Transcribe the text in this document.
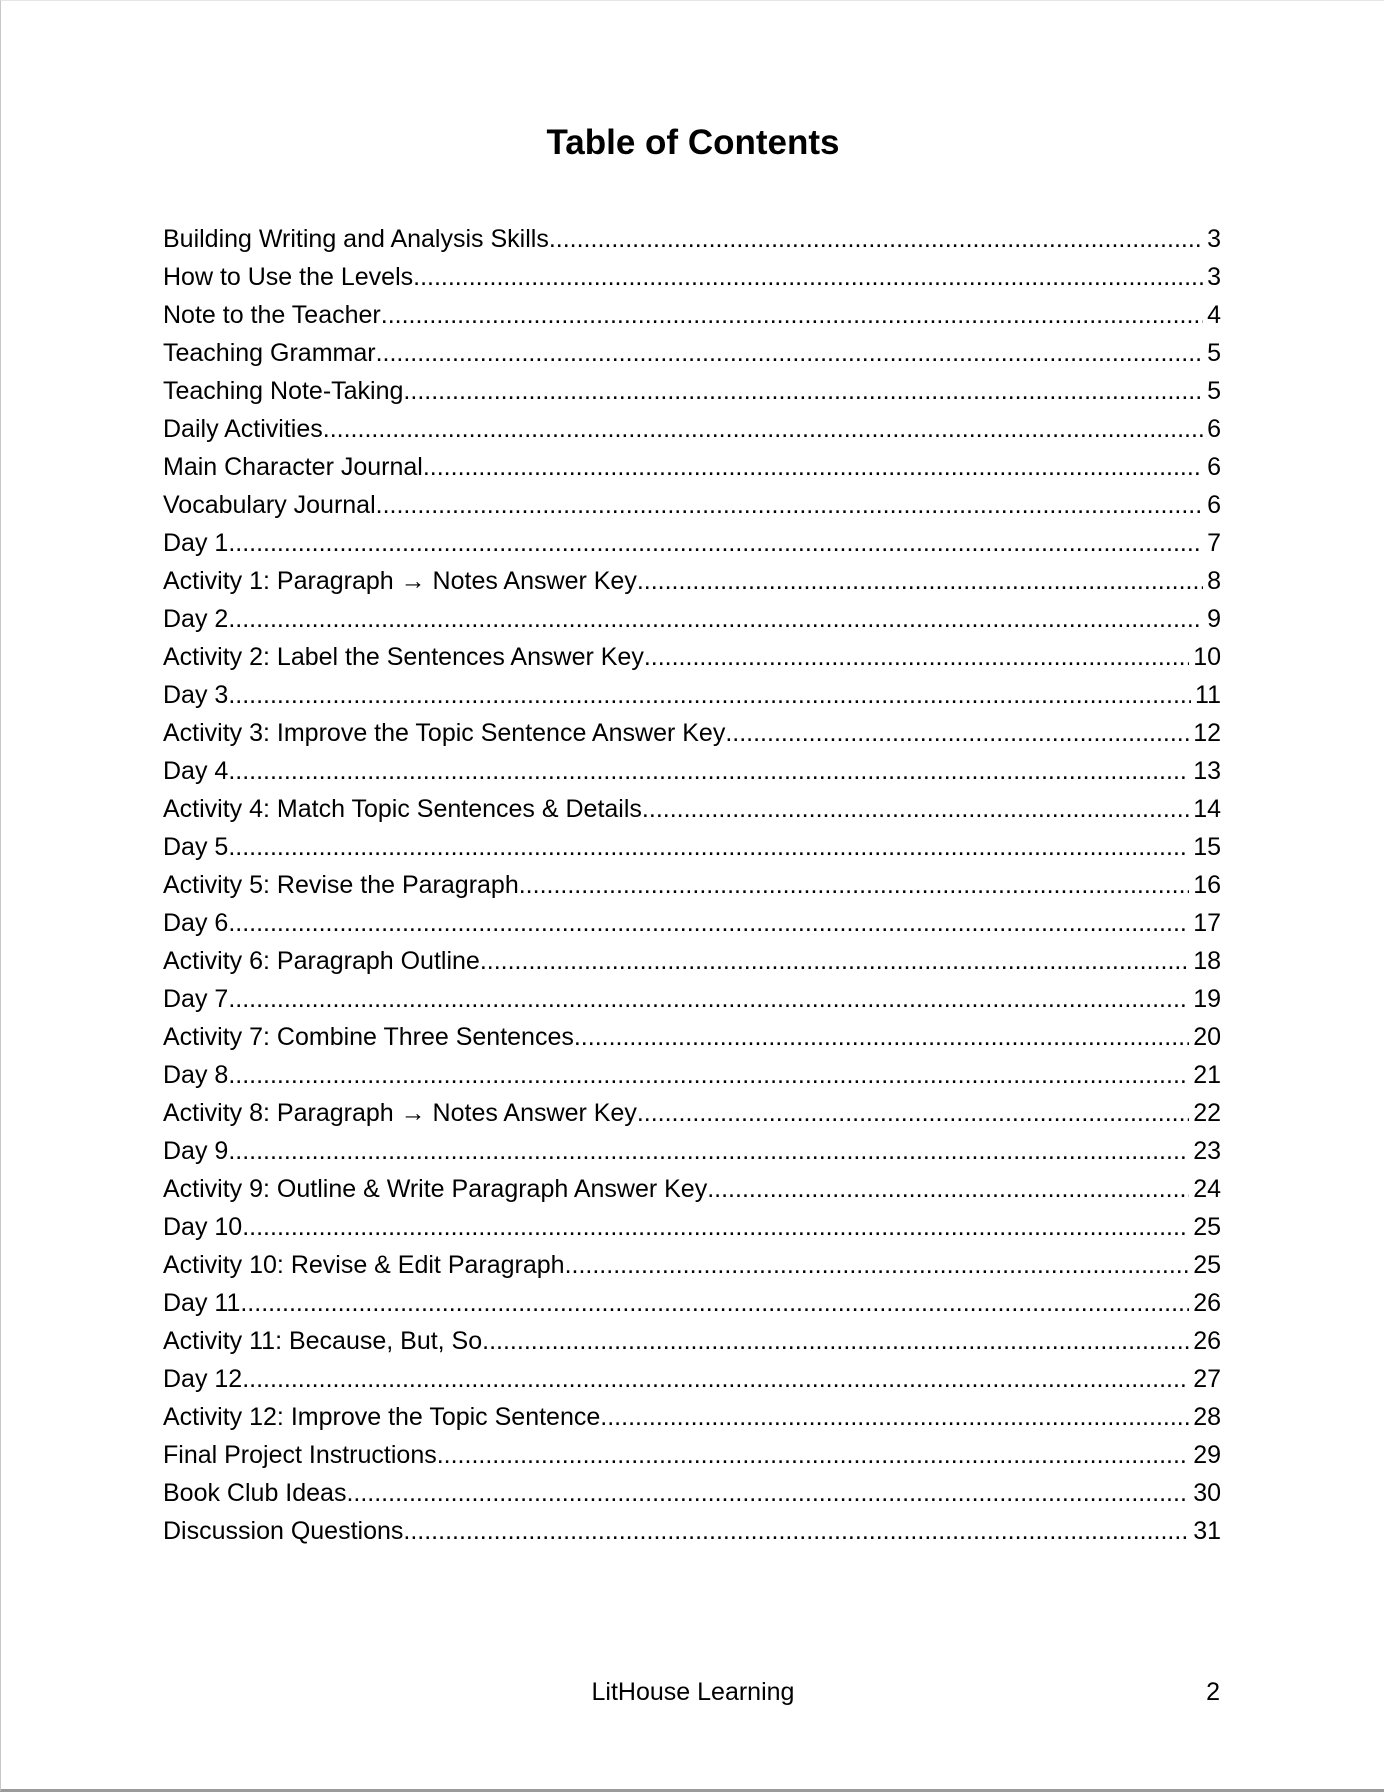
Table of Contents
Building Writing and Analysis Skills .....	3
How to Use the Levels .....	3
Note to the Teacher .....	4
Teaching Grammar .....	5
Teaching Note-Taking .....	5
Daily Activities .....	6
Main Character Journal .....	6
Vocabulary Journal .....	6
Day 1 .....	7
Activity 1: Paragraph → Notes Answer Key .....	8
Day 2 .....	9
Activity 2: Label the Sentences Answer Key .....	10
Day 3 .....	11
Activity 3: Improve the Topic Sentence Answer Key .....	12
Day 4 .....	13
Activity 4: Match Topic Sentences & Details .....	14
Day 5 .....	15
Activity 5: Revise the Paragraph .....	16
Day 6 .....	17
Activity 6: Paragraph Outline .....	18
Day 7 .....	19
Activity 7: Combine Three Sentences .....	20
Day 8 .....	21
Activity 8: Paragraph → Notes Answer Key .....	22
Day 9 .....	23
Activity 9: Outline & Write Paragraph Answer Key .....	24
Day 10 .....	25
Activity 10: Revise & Edit Paragraph .....	25
Day 11 .....	26
Activity 11: Because, But, So .....	26
Day 12 .....	27
Activity 12: Improve the Topic Sentence .....	28
Final Project Instructions .....	29
Book Club Ideas .....	30
Discussion Questions .....	31
LitHouse Learning	2
